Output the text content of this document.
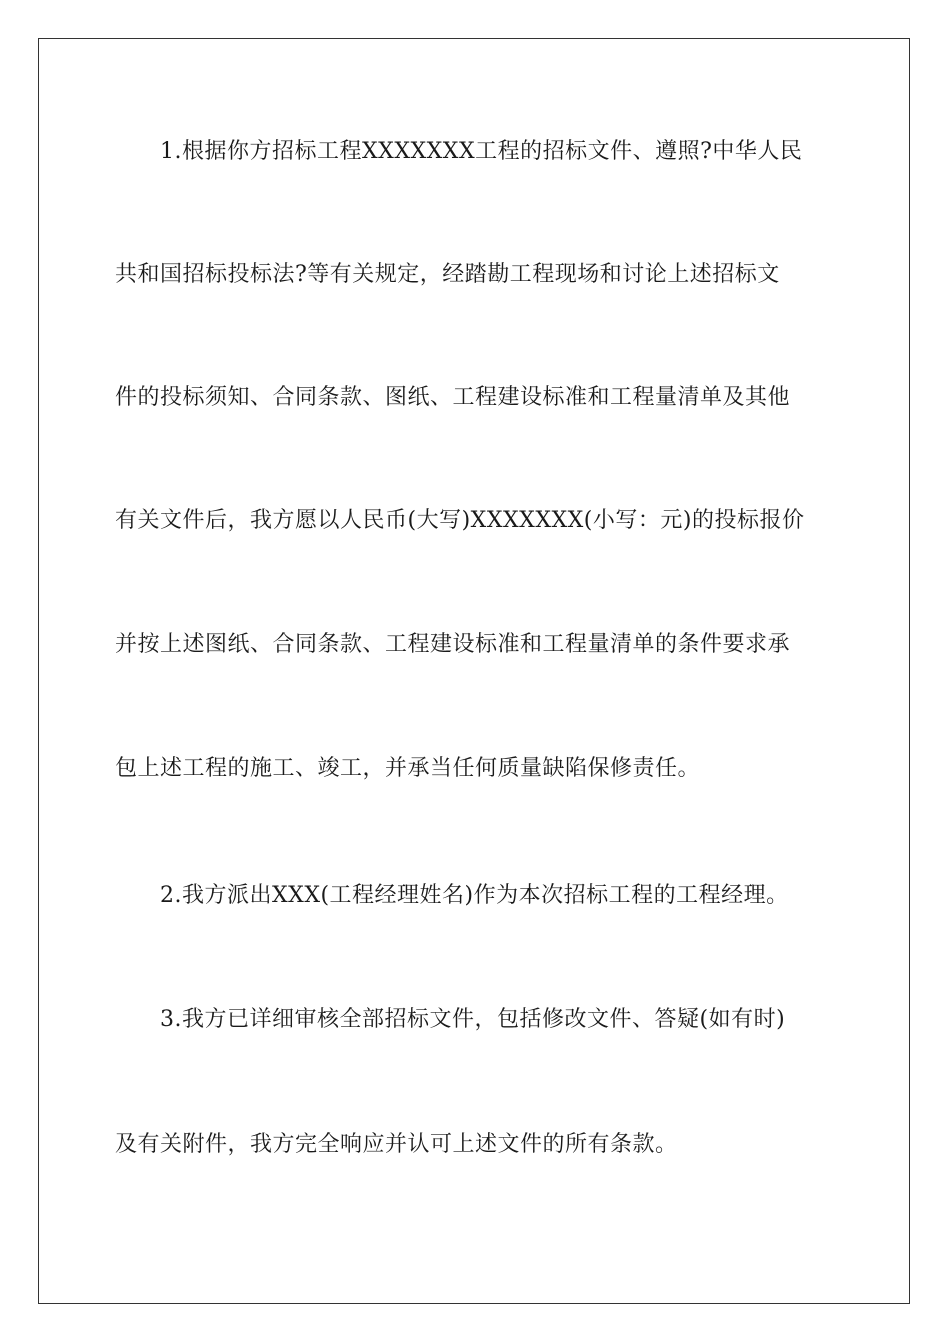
1.根据你方招标工程XXXXXXX工程的招标文件、遵照?中华人民
共和国招标投标法?等有关规定，经踏勘工程现场和讨论上述招标文
件的投标须知、合同条款、图纸、工程建设标准和工程量清单及其他
有关文件后，我方愿以人民币(大写)XXXXXXX(小写：元)的投标报价
并按上述图纸、合同条款、工程建设标准和工程量清单的条件要求承
包上述工程的施工、竣工，并承当任何质量缺陷保修责任。
2.我方派出XXX(工程经理姓名)作为本次招标工程的工程经理。
3.我方已详细审核全部招标文件，包括修改文件、答疑(如有时)
及有关附件，我方完全响应并认可上述文件的所有条款。
